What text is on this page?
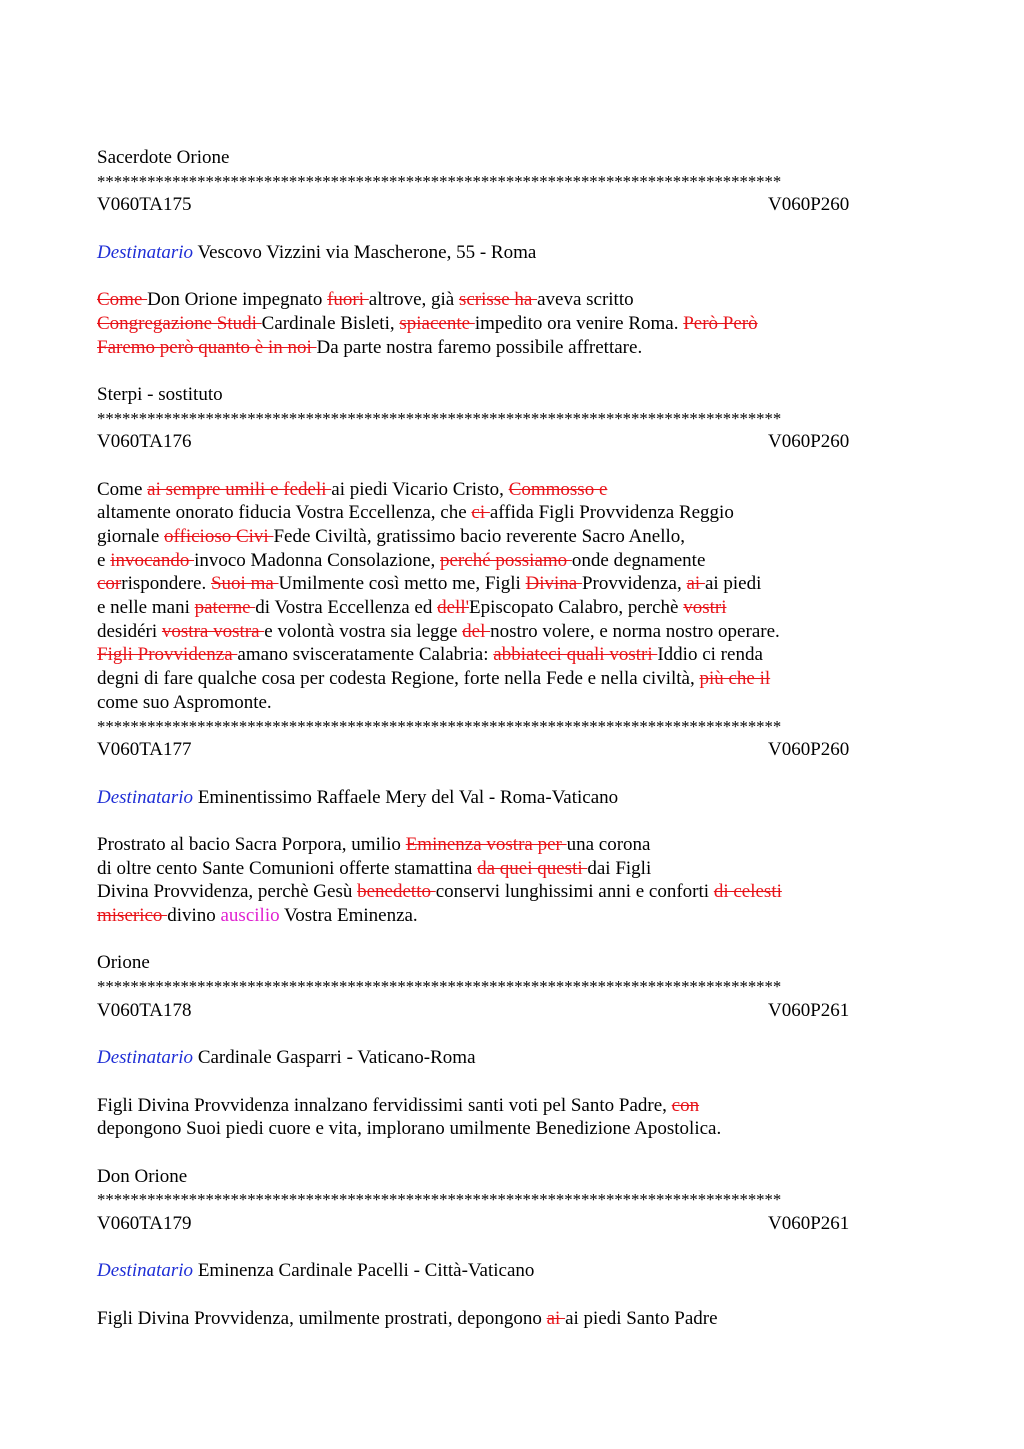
Sacerdote Orione
**********************************************************************************
V060TA175	V060P260
Destinatario Vescovo Vizzini via Mascherone, 55 - Roma
Come Don Orione impegnato fuori altrove, già scrisse ha aveva scritto
Congregazione Studi Cardinale Bisleti, spiacente impedito ora venire Roma. Però Però
Faremo però quanto è in noi Da parte nostra faremo possibile affrettare.
Sterpi - sostituto
**********************************************************************************
V060TA176	V060P260
Come ai sempre umili e fedeli ai piedi Vicario Cristo, Commosso e
altamente onorato fiducia Vostra Eccellenza, che ci affida Figli Provvidenza Reggio
giornale officioso Civi Fede Civiltà, gratissimo bacio reverente Sacro Anello,
e invocando invoco Madonna Consolazione, perché possiamo onde degnamente
corrispondere. Suoi ma Umilmente così metto me, Figli Divina Provvidenza, ai ai piedi
e nelle mani paterne di Vostra Eccellenza ed dell'Episcopato Calabro, perchè vostri
desidéri vostra vostra e volontà vostra sia legge del nostro volere, e norma nostro operare.
Figli Provvidenza amano svisceratamente Calabria: abbiateci quali vostri Iddio ci renda
degni di fare qualche cosa per codesta Regione, forte nella Fede e nella civiltà, più che il
come suo Aspromonte.
**********************************************************************************
V060TA177	V060P260
Destinatario Eminentissimo Raffaele Mery del Val - Roma-Vaticano
Prostrato al bacio Sacra Porpora, umilio Eminenza vostra per una corona
di oltre cento Sante Comunioni offerte stamattina da quei questi dai Figli
Divina Provvidenza, perchè Gesù benedetto conservi lunghissimi anni e conforti di celesti
miserico divino auscilio Vostra Eminenza.
Orione
**********************************************************************************
V060TA178	V060P261
Destinatario Cardinale Gasparri - Vaticano-Roma
Figli Divina Provvidenza innalzano fervidissimi santi voti pel Santo Padre, con
depongono Suoi piedi cuore e vita, implorano umilmente Benedizione Apostolica.
Don Orione
**********************************************************************************
V060TA179	V060P261
Destinatario Eminenza Cardinale Pacelli - Città-Vaticano
Figli Divina Provvidenza, umilmente prostrati, depongono ai ai piedi Santo Padre
